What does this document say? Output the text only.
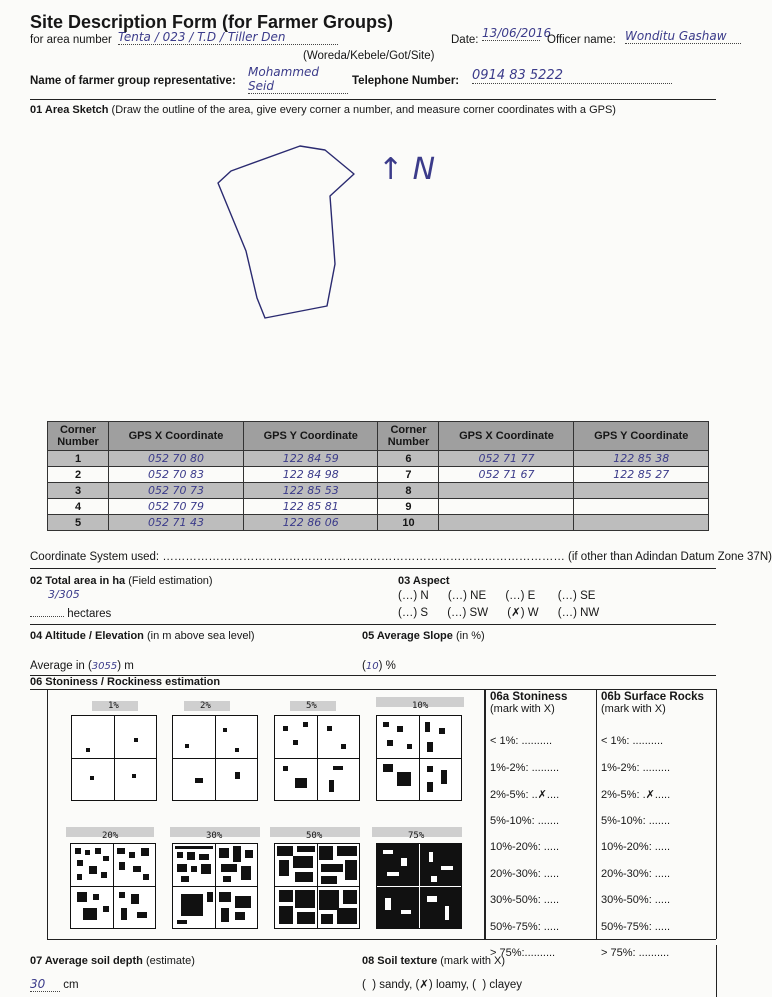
Site Description Form (for Farmer Groups)
for area number Tenta / 023 / T.D / Tiller Den
(Woreda/Kebele/Got/Site)
Date: 13/06/2016
Officer name: Wonditu Gashaw
Name of farmer group representative:
Mohammed Seid	Telephone Number: 0914 83 5222
01 Area Sketch (Draw the outline of the area, give every corner a number, and measure corner coordinates with a GPS)
↑ N
Corner Number	GPS X Coordinate	GPS Y Coordinate	Corner Number	GPS X Coordinate	GPS Y Coordinate
1	052 70 80	122 84 59	6	052 71 77	122 85 38
2	052 70 83	122 84 98	7	052 71 67	122 85 27
3	052 70 73	122 85 53	8		
4	052 70 79	122 85 81	9		
5	052 71 43	122 86 06	10		
Coordinate System used: …………………………………………………………………………………………… (if other than Adindan Datum Zone 37N)
02 Total area in ha (Field estimation)
3/305
hectares
03 Aspect
(…) N      (…) NE      (…) E       (…) SE
(…) S      (…) SW      (✗) W      (…) NW
04 Altitude / Elevation (in m above sea level)
Average in (3055) m
05 Average Slope (in %)
(10) %
06 Stoniness / Rockiness estimation
1%	2%	5%	10%
20%	30%	50%	75%
06a Stoniness
(mark with X)
06b Surface Rocks
(mark with X)
< 1%: ..........
1%-2%: .........
2%-5%: ..✗....
5%-10%: .......
10%-20%: .....
20%-30%: .....
30%-50%: .....
50%-75%: .....
> 75%:..........
< 1%: ..........
1%-2%: .........
2%-5%: .✗.....
5%-10%: .......
10%-20%: .....
20%-30%: .....
30%-50%: .....
50%-75%: .....
> 75%: ..........
07 Average soil depth (estimate)
30 cm
08 Soil texture (mark with X)
(  ) sandy, (✗) loamy, (  ) clayey
